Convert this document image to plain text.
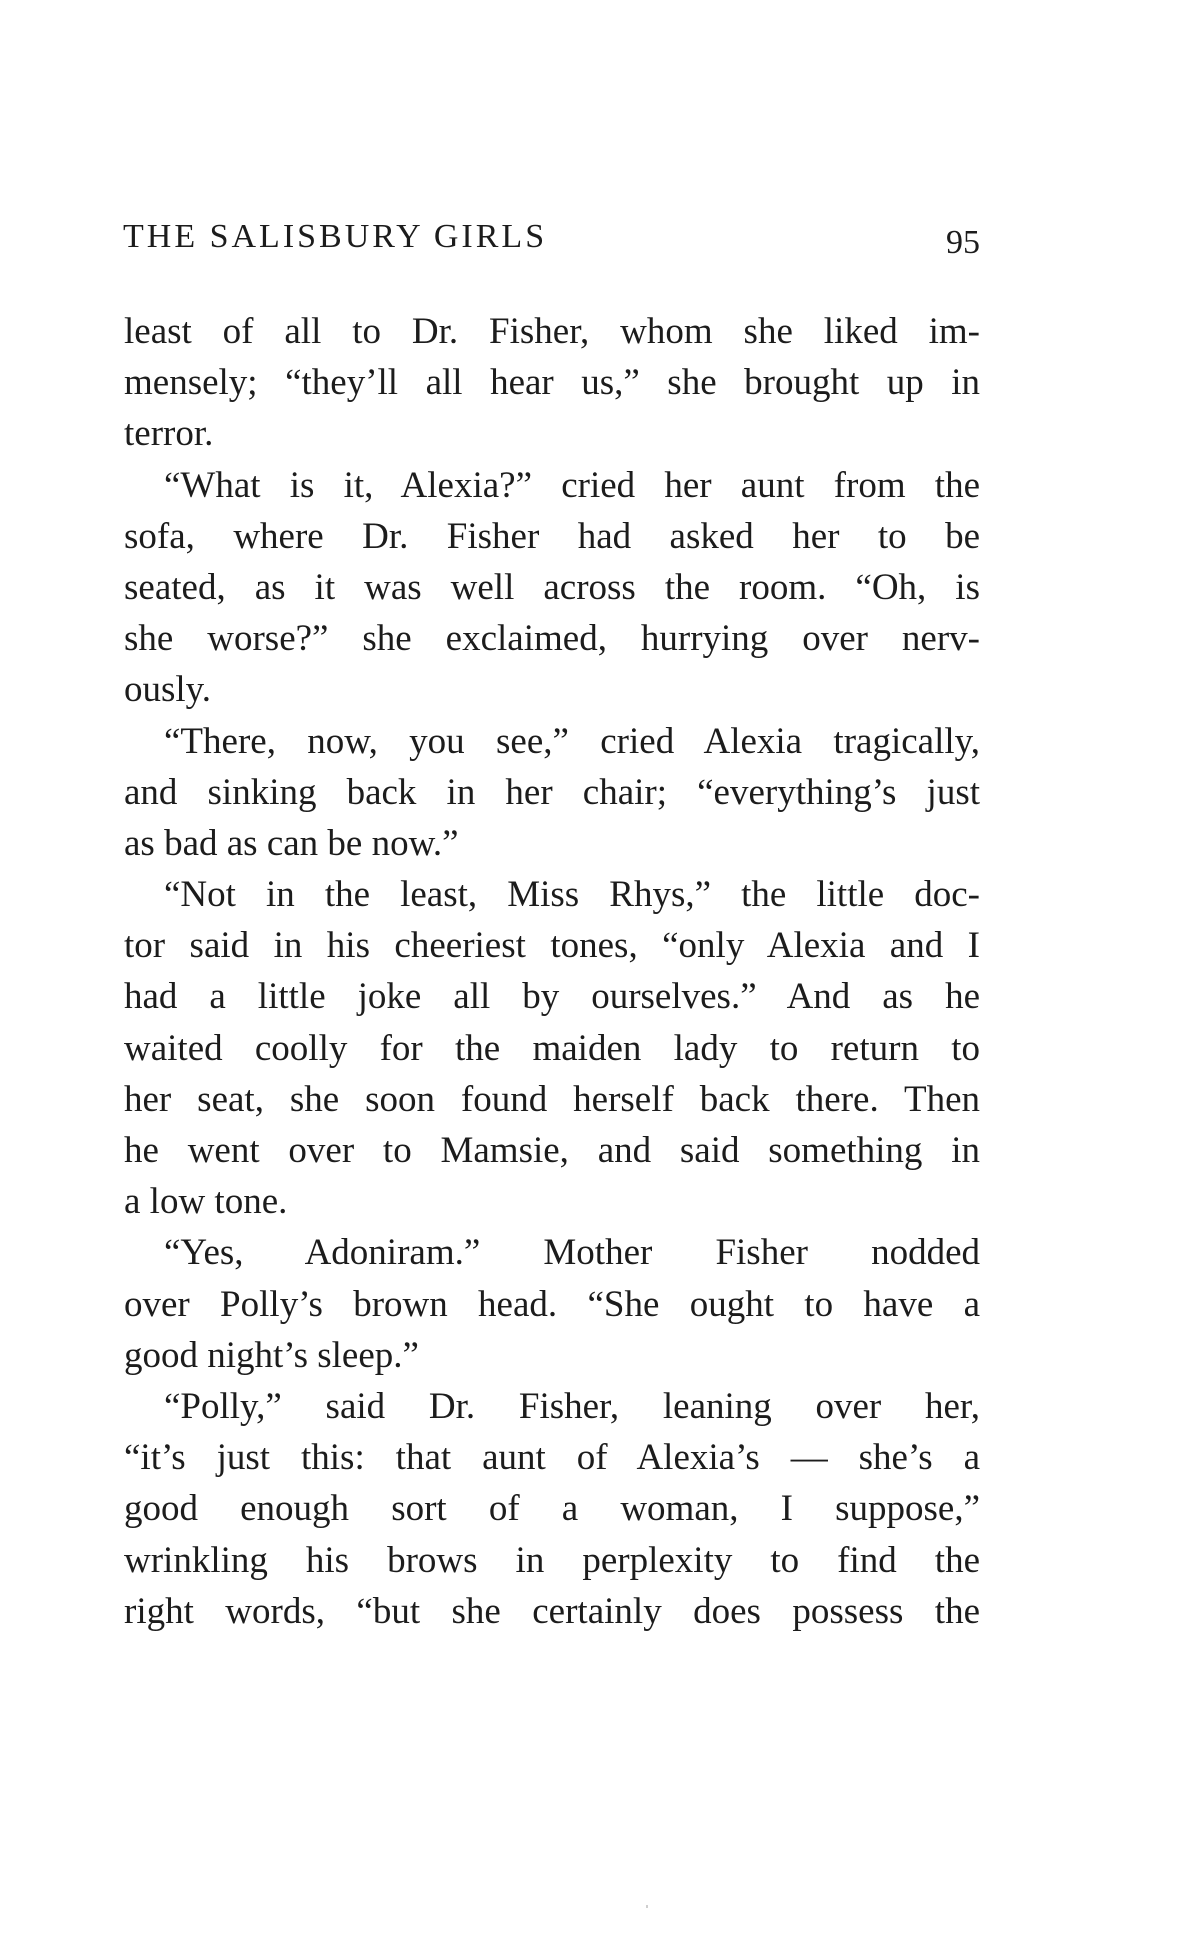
THE SALISBURY GIRLS	95
least of all to Dr. Fisher, whom she liked im-
mensely; “they’ll all hear us,” she brought up in
terror.
“What is it, Alexia?” cried her aunt from the
sofa, where Dr. Fisher had asked her to be
seated, as it was well across the room. “Oh, is
she worse?” she exclaimed, hurrying over nerv-
ously.
“There, now, you see,” cried Alexia tragically,
and sinking back in her chair; “everything’s just
as bad as can be now.”
“Not in the least, Miss Rhys,” the little doc-
tor said in his cheeriest tones, “only Alexia and I
had a little joke all by ourselves.” And as he
waited coolly for the maiden lady to return to
her seat, she soon found herself back there. Then
he went over to Mamsie, and said something in
a low tone.
“Yes, Adoniram.” Mother Fisher nodded
over Polly’s brown head. “She ought to have a
good night’s sleep.”
“Polly,” said Dr. Fisher, leaning over her,
“it’s just this: that aunt of Alexia’s — she’s a
good enough sort of a woman, I suppose,”
wrinkling his brows in perplexity to find the
right words, “but she certainly does possess the
